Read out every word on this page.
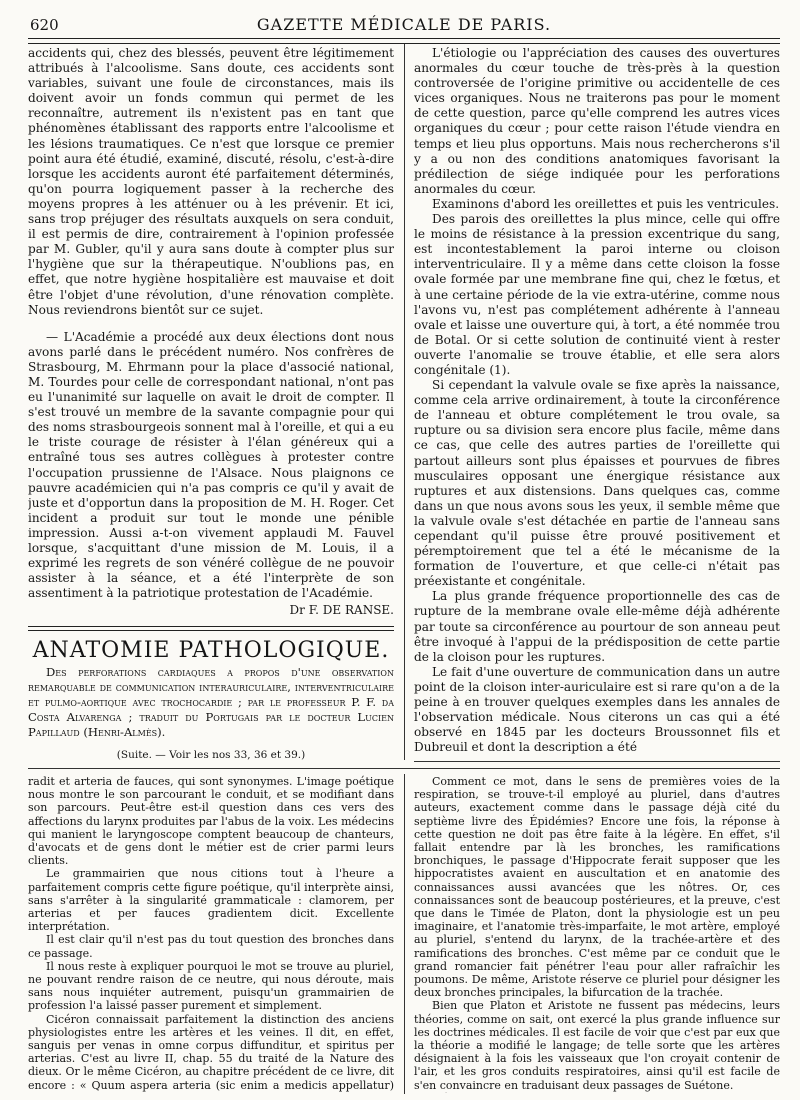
620	GAZETTE MÉDICALE DE PARIS.

accidents qui, chez des blessés, peuvent être légitimement attribués à l'alcoolisme. Sans doute, ces accidents sont variables, suivant une foule de circonstances, mais ils doivent avoir un fonds commun qui permet de les reconnaître, autrement ils n'existent pas en tant que phénomènes établissant des rapports entre l'alcoolisme et les lésions traumatiques. Ce n'est que lorsque ce premier point aura été étudié, examiné, discuté, résolu, c'est-à-dire lorsque les accidents auront été parfaitement déterminés, qu'on pourra logiquement passer à la recherche des moyens propres à les atténuer ou à les prévenir. Et ici, sans trop préjuger des résultats auxquels on sera conduit, il est permis de dire, contrairement à l'opinion professée par M. Gubler, qu'il y aura sans doute à compter plus sur l'hygiène que sur la thérapeutique. N'oublions pas, en effet, que notre hygiène hospitalière est mauvaise et doit être l'objet d'une révolution, d'une rénovation complète. Nous reviendrons bientôt sur ce sujet.

— L'Académie a procédé aux deux élections dont nous avons parlé dans le précédent numéro. Nos confrères de Strasbourg, M. Ehrmann pour la place d'associé national, M. Tourdes pour celle de correspondant national, n'ont pas eu l'unanimité sur laquelle on avait le droit de compter. Il s'est trouvé un membre de la savante compagnie pour qui des noms strasbourgeois sonnent mal à l'oreille, et qui a eu le triste courage de résister à l'élan généreux qui a entraîné tous ses autres collègues à protester contre l'occupation prussienne de l'Alsace. Nous plaignons ce pauvre académicien qui n'a pas compris ce qu'il y avait de juste et d'opportun dans la proposition de M. H. Roger. Cet incident a produit sur tout le monde une pénible impression. Aussi a-t-on vivement applaudi M. Fauvel lorsque, s'acquittant d'une mission de M. Louis, il a exprimé les regrets de son vénéré collègue de ne pouvoir assister à la séance, et a été l'interprète de son assentiment à la patriotique protestation de l'Académie.

Dr F. DE RANSE.
ANATOMIE PATHOLOGIQUE.

Des perforations cardiaques a propos d'une observation remarquable de communication interauriculaire, interventriculaire et pulmo-aortique avec trochocardie ; par le professeur P. F. da Costa Alvarenga ; traduit du Portugais par le docteur Lucien Papillaud (Henri-Almès).

(Suite. — Voir les nos 33, 36 et 39.)

L'étiologie ou l'appréciation des causes des ouvertures anormales du cœur touche de très-près à la question controversée de l'origine primitive ou accidentelle de ces vices organiques. Nous ne traiterons pas pour le moment de cette question, parce qu'elle comprend les autres vices organiques du cœur ; pour cette raison l'étude viendra en temps et lieu plus opportuns. Mais nous rechercherons s'il y a ou non des conditions anatomiques favorisant la prédilection de siége indiquée pour les perforations anormales du cœur.

Examinons d'abord les oreillettes et puis les ventricules.

Des parois des oreillettes la plus mince, celle qui offre le moins de résistance à la pression excentrique du sang, est incontestablement la paroi interne ou cloison interventriculaire. Il y a même dans cette cloison la fosse ovale formée par une membrane fine qui, chez le fœtus, et à une certaine période de la vie extra-utérine, comme nous l'avons vu, n'est pas complétement adhérente à l'anneau ovale et laisse une ouverture qui, à tort, a été nommée trou de Botal. Or si cette solution de continuité vient à rester ouverte l'anomalie se trouve établie, et elle sera alors congénitale (1).

Si cependant la valvule ovale se fixe après la naissance, comme cela arrive ordinairement, à toute la circonférence de l'anneau et obture complétement le trou ovale, sa rupture ou sa division sera encore plus facile, même dans ce cas, que celle des autres parties de l'oreillette qui partout ailleurs sont plus épaisses et pourvues de fibres musculaires opposant une énergique résistance aux ruptures et aux distensions. Dans quelques cas, comme dans un que nous avons sous les yeux, il semble même que la valvule ovale s'est détachée en partie de l'anneau sans cependant qu'il puisse être prouvé positivement et péremptoirement que tel a été le mécanisme de la formation de l'ouverture, et que celle-ci n'était pas préexistante et congénitale.

La plus grande fréquence proportionnelle des cas de rupture de la membrane ovale elle-même déjà adhérente par toute sa circonférence au pourtour de son anneau peut être invoqué à l'appui de la prédisposition de cette partie de la cloison pour les ruptures.

Le fait d'une ouverture de communication dans un autre point de la cloison inter-auriculaire est si rare qu'on a de la peine à en trouver quelques exemples dans les annales de l'observation médicale. Nous citerons un cas qui a été observé en 1845 par les docteurs Broussonnet fils et Dubreuil et dont la description a été

radit et arteria de fauces, qui sont synonymes. L'image poétique nous montre le son parcourant le conduit, et se modifiant dans son parcours. Peut-être est-il question dans ces vers des affections du larynx produites par l'abus de la voix. Les médecins qui manient le laryngoscope comptent beaucoup de chanteurs, d'avocats et de gens dont le métier est de crier parmi leurs clients.

Le grammairien que nous citions tout à l'heure a parfaitement compris cette figure poétique, qu'il interprète ainsi, sans s'arrêter à la singularité grammaticale : clamorem, per arterias et per fauces gradientem dicit. Excellente interprétation.

Il est clair qu'il n'est pas du tout question des bronches dans ce passage.

Il nous reste à expliquer pourquoi le mot se trouve au pluriel, ne pouvant rendre raison de ce neutre, qui nous déroute, mais sans nous inquiéter autrement, puisqu'un grammairien de profession l'a laissé passer purement et simplement.

Cicéron connaissait parfaitement la distinction des anciens physiologistes entre les artères et les veines. Il dit, en effet, sanguis per venas in omne corpus diffunditur, et spiritus per arterias. C'est au livre II, chap. 55 du traité de la Nature des dieux. Or le même Cicéron, au chapitre précédent de ce livre, dit encore : « Quum aspera arteria (sic enim a medicis appellatur)

Comment ce mot, dans le sens de premières voies de la respiration, se trouve-t-il employé au pluriel, dans d'autres auteurs, exactement comme dans le passage déjà cité du septième livre des Épidémies? Encore une fois, la réponse à cette question ne doit pas être faite à la légère. En effet, s'il fallait entendre par là les bronches, les ramifications bronchiques, le passage d'Hippocrate ferait supposer que les hippocratistes avaient en auscultation et en anatomie des connaissances aussi avancées que les nôtres. Or, ces connaissances sont de beaucoup postérieures, et la preuve, c'est que dans le Timée de Platon, dont la physiologie est un peu imaginaire, et l'anatomie très-imparfaite, le mot artère, employé au pluriel, s'entend du larynx, de la trachée-artère et des ramifications des bronches. C'est même par ce conduit que le grand romancier fait pénétrer l'eau pour aller rafraîchir les poumons. De même, Aristote réserve ce pluriel pour désigner les deux bronches principales, la bifurcation de la trachée.

Bien que Platon et Aristote ne fussent pas médecins, leurs théories, comme on sait, ont exercé la plus grande influence sur les doctrines médicales. Il est facile de voir que c'est par eux que la théorie a modifié le langage; de telle sorte que les artères désignaient à la fois les vaisseaux que l'on croyait contenir de l'air, et les gros conduits respiratoires, ainsi qu'il est facile de s'en convaincre en traduisant deux passages de Suétone.
